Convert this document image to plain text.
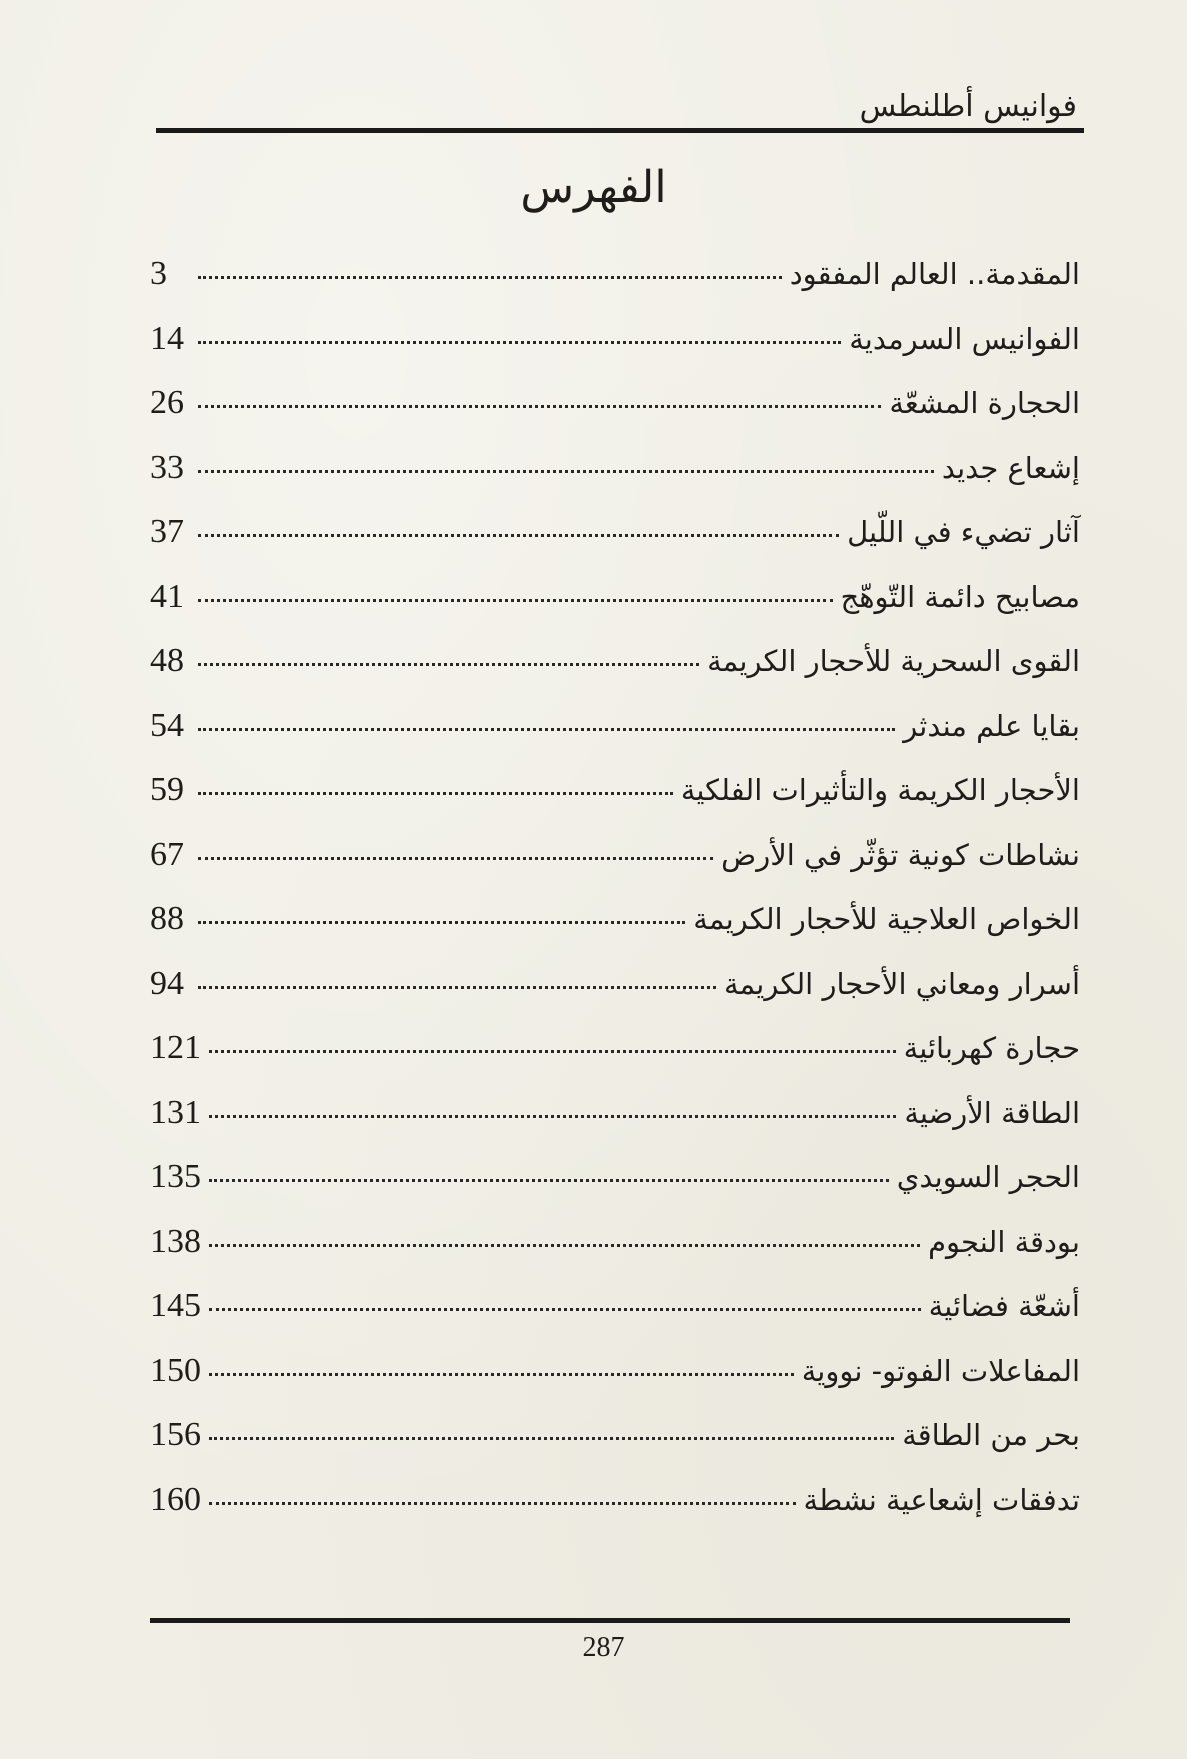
فوانيس أطلنطس
الفهرس
المقدمة.. العالم المفقود
3
الفوانيس السرمدية
14
الحجارة المشعّة
26
إشعاع جديد
33
آثار تضيء في اللّيل
37
مصابيح دائمة التّوهّج
41
القوى السحرية للأحجار الكريمة
48
بقايا علم مندثر
54
الأحجار الكريمة والتأثيرات الفلكية
59
نشاطات كونية تؤثّر في الأرض
67
الخواص العلاجية للأحجار الكريمة
88
أسرار ومعاني الأحجار الكريمة
94
حجارة كهربائية
121
الطاقة الأرضية
131
الحجر السويدي
135
بودقة النجوم
138
أشعّة فضائية
145
المفاعلات الفوتو- نووية
150
بحر من الطاقة
156
تدفقات إشعاعية نشطة
160
287
